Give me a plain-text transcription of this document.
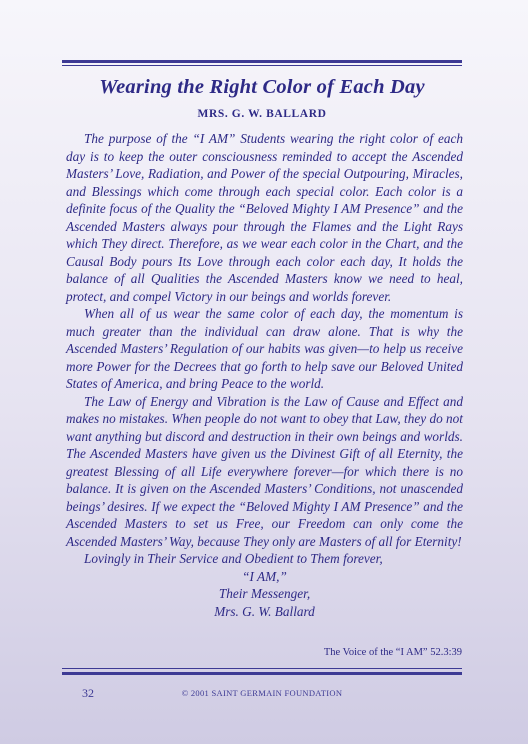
Wearing the Right Color of Each Day
MRS. G. W. BALLARD

The purpose of the “I AM” Students wearing the right color of each day is to keep the outer consciousness reminded to accept the Ascended Masters’ Love, Radiation, and Power of the special Outpouring, Miracles, and Blessings which come through each special color. Each color is a definite focus of the Quality the “Beloved Mighty I AM Presence” and the Ascended Masters always pour through the Flames and the Light Rays which They direct. Therefore, as we wear each color in the Chart, and the Causal Body pours Its Love through each color each day, It holds the balance of all Qualities the Ascended Masters know we need to heal, protect, and compel Victory in our beings and worlds forever.

When all of us wear the same color of each day, the momentum is much greater than the individual can draw alone. That is why the Ascended Masters’ Regulation of our habits was given—to help us receive more Power for the Decrees that go forth to help save our Beloved United States of America, and bring Peace to the world.

The Law of Energy and Vibration is the Law of Cause and Effect and makes no mistakes. When people do not want to obey that Law, they do not want anything but discord and destruction in their own beings and worlds. The Ascended Masters have given us the Divinest Gift of all Eternity, the greatest Blessing of all Life everywhere forever—for which there is no balance. It is given on the Ascended Masters’ Conditions, not unascended beings’ desires. If we expect the “Beloved Mighty I AM Presence” and the Ascended Masters to set us Free, our Freedom can only come the Ascended Masters’ Way, because They only are Masters of all for Eternity!

Lovingly in Their Service and Obedient to Them forever,

“I AM,”
Their Messenger,
Mrs. G. W. Ballard
The Voice of the “I AM” 52.3:39
32	© 2001 SAINT GERMAIN FOUNDATION
